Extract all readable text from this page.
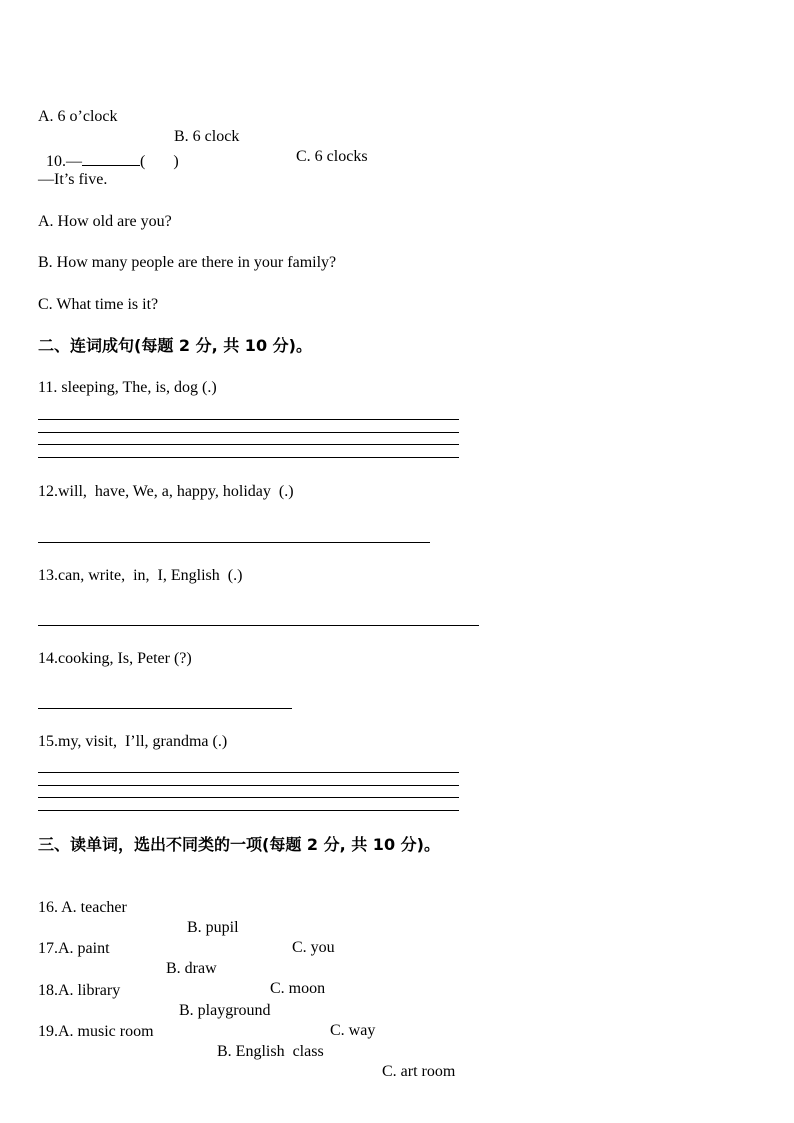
A. 6 o’clock

B. 6 clock

C. 6 clocks

10.—	( )

—It’s five.
A. How old are you?
B. How many people are there in your family?
C. What time is it?
二、连词成句(每题 2 分, 共 10 分)。
11. sleeping, The, is, dog (.)
12.will,  have, We, a, happy, holiday  (.)
13.can, write,  in,  I, English  (.)
14.cooking, Is, Peter (?)
15.my, visit,  I’ll, grandma (.)
三、读单词，选出不同类的一项(每题 2 分, 共 10 分)。

16. A. teacher

B. pupil

C. you

17.A. paint

B. draw

C. moon

18.A. library

B. playground

C. way

19.A. music room

B. English  class

C. art room
